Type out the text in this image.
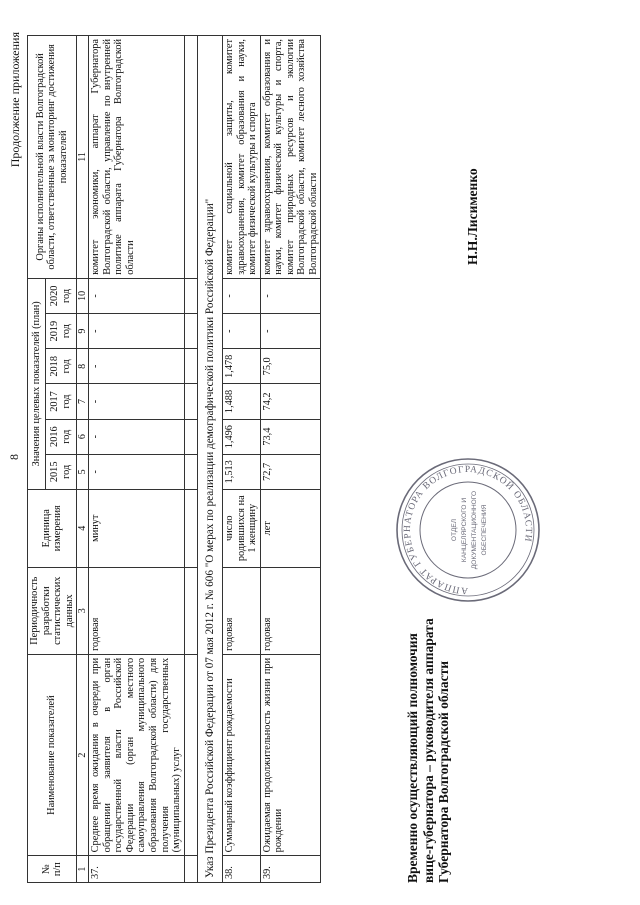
8
Продолжение приложения
№ п/п	Наименование показателей	Периодичность разработки статистических данных	Единица измерения	Значения целевых показателей (план)						Органы исполнительной власти Волгоградской области, ответственные за мониторинг достижения показателей
				2015 год	2016 год	2017 год	2018 год	2019 год	2020 год	
1	2	3	4	5	6	7	8	9	10	11
37.	Среднее время ожидания в очереди при обращении заявителя в орган государственной власти Российской Федерации (орган местного самоуправления муниципального образования Волгоградской области) для получения государственных (муниципальных) услуг	годовая	минут	-	-	-	-	-	-	комитет экономики, аппарат Губернатора Волгоградской области, управление по внутренней политике аппарата Губернатора Волгоградской области

Указ Президента Российской Федерации от 07 мая 2012 г. № 606 "О мерах по реализации демографической политики Российской Федерации"										
38.	Суммарный коэффициент рождаемости	годовая	число родившихся на 1 женщину	1,513	1,496	1,488	1,478	-	-	комитет социальной защиты, комитет здравоохранения, комитет образования и науки, комитет физической культуры и спорта
39.	Ожидаемая продолжительность жизни при рождении	годовая	лет	72,7	73,4	74,2	75,0	-	-	комитет здравоохранения, комитет образования и науки, комитет физической культуры и спорта, комитет природных ресурсов и экологии Волгоградской области, комитет лесного хозяйства Волгоградской области
АППАРАТ ГУБЕРНАТОРА ВОЛГОГРАДСКОЙ ОБЛАСТИ
ОТДЕЛ КАНЦЕЛЯРСКОГО И ДОКУМЕНТАЦИОННОГО ОБЕСПЕЧЕНИЯ
Временно осуществляющий полномочия вице-губернатора – руководителя аппарата Губернатора Волгоградской области
Н.Н.Лисименко
